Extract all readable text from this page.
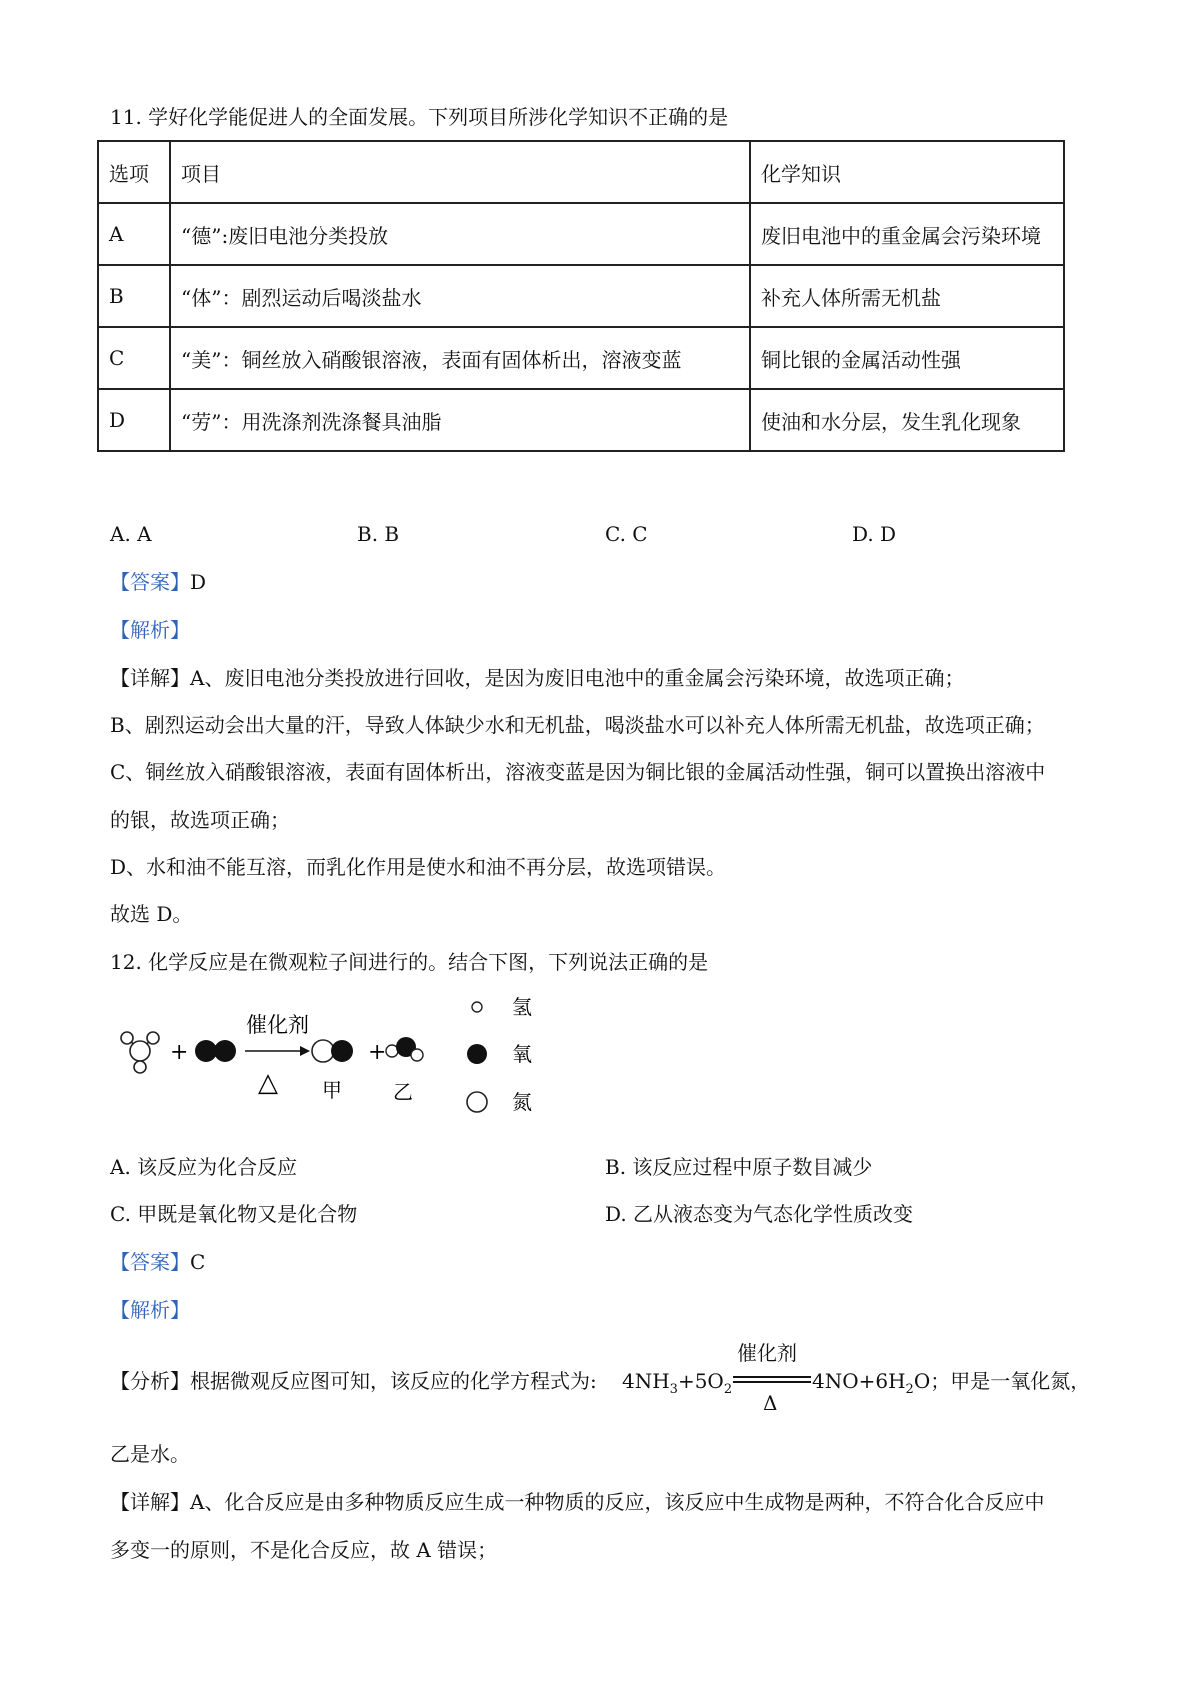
11. 学好化学能促进人的全面发展。下列项目所涉化学知识不正确的是
选项	项目	化学知识
A	“德”:废旧电池分类投放	废旧电池中的重金属会污染环境
B	“体”：剧烈运动后喝淡盐水	补充人体所需无机盐
C	“美”：铜丝放入硝酸银溶液，表面有固体析出，溶液变蓝	铜比银的金属活动性强
D	“劳”：用洗涤剂洗涤餐具油脂	使油和水分层，发生乳化现象
A. A	B. B	C. C	D. D
【答案】D
【解析】
【详解】A、废旧电池分类投放进行回收，是因为废旧电池中的重金属会污染环境，故选项正确；
B、剧烈运动会出大量的汗，导致人体缺少水和无机盐，喝淡盐水可以补充人体所需无机盐，故选项正确；
C、铜丝放入硝酸银溶液，表面有固体析出，溶液变蓝是因为铜比银的金属活动性强，铜可以置换出溶液中
的银，故选项正确；
D、水和油不能互溶，而乳化作用是使水和油不再分层，故选项错误。
故选 D。
12. 化学反应是在微观粒子间进行的。结合下图，下列说法正确的是
+
催化剂
△ 甲
+
乙
氢
氧
氮
A. 该反应为化合反应	B. 该反应过程中原子数目减少
C. 甲既是氧化物又是化合物	D. 乙从液态变为气态化学性质改变
【答案】C
【解析】
【分析】根据微观反应图可知，该反应的化学方程式为: $4NH_3+5O_2$
催化剂
Δ
$4NO+6H_2O$；甲是一氧化氮，
乙是水。
【详解】A、化合反应是由多种物质反应生成一种物质的反应，该反应中生成物是两种，不符合化合反应中
多变一的原则，不是化合反应，故 A 错误；
